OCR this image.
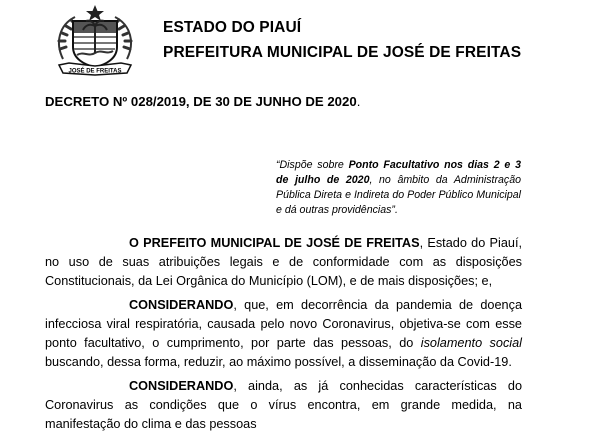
JOSÉ DE FREITAS
ESTADO DO PIAUÍ
PREFEITURA MUNICIPAL DE JOSÉ DE FREITAS
DECRETO Nº 028/2019, DE 30 DE JUNHO DE 2020.
“Dispõe sobre Ponto Facultativo nos dias 2 e 3 de julho de 2020, no âmbito da Administração Pública Direta e Indireta do Poder Público Municipal e dá outras providências”.

O PREFEITO MUNICIPAL DE JOSÉ DE FREITAS, Estado do Piauí, no uso de suas atribuições legais e de conformidade com as disposições Constitucionais, da Lei Orgânica do Município (LOM), e de mais disposições; e,

CONSIDERANDO, que, em decorrência da pandemia de doença infecciosa viral respiratória, causada pelo novo Coronavirus, objetiva-se com esse ponto facultativo, o cumprimento, por parte das pessoas, do isolamento social buscando, dessa forma, reduzir, ao máximo possível, a disseminação da Covid-19.

CONSIDERANDO, ainda, as já conhecidas características do Coronavirus as condições que o vírus encontra, em grande medida, na manifestação do clima e das pessoas
